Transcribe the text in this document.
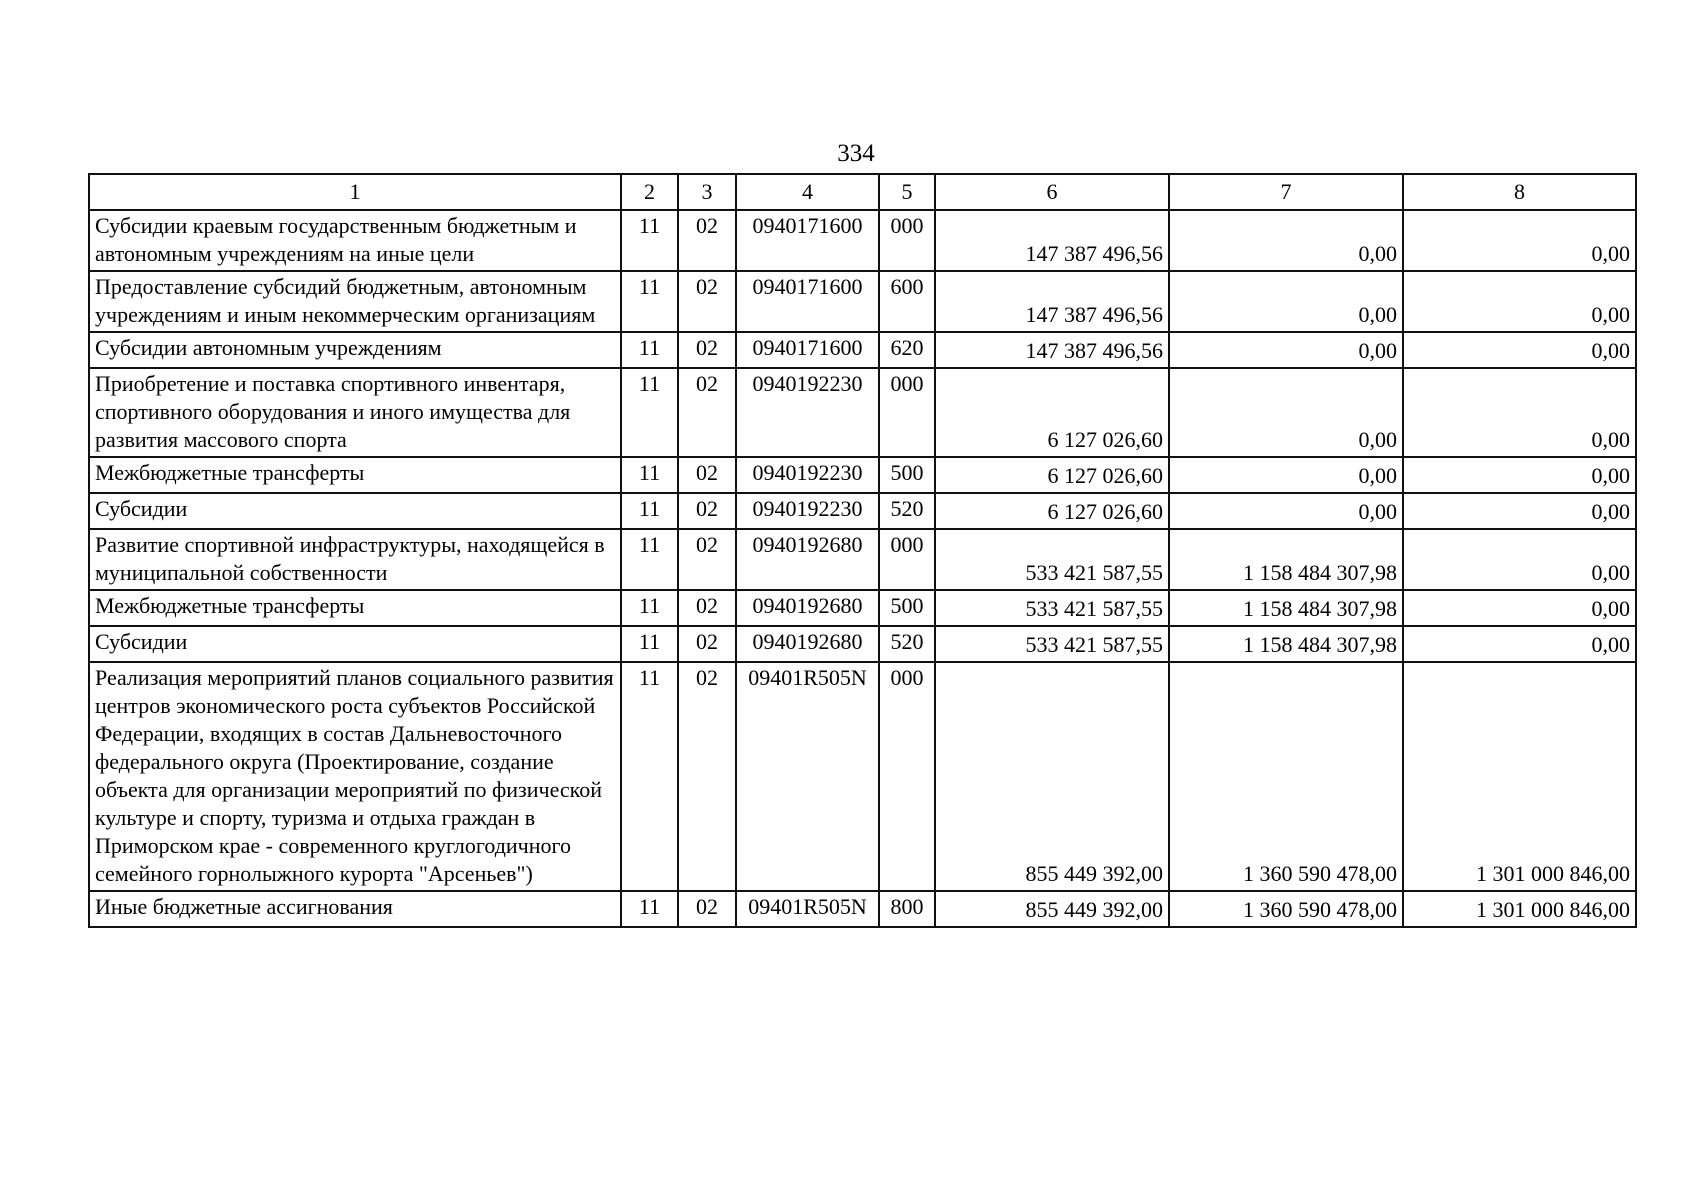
334
1	2	3	4	5	6	7	8
Субсидии краевым государственным бюджетным и автономным учреждениям на иные цели	11	02	0940171600	000	147 387 496,56	0,00	0,00
Предоставление субсидий бюджетным, автономным учреждениям и иным некоммерческим организациям	11	02	0940171600	600	147 387 496,56	0,00	0,00
Субсидии автономным учреждениям	11	02	0940171600	620	147 387 496,56	0,00	0,00
Приобретение и поставка спортивного инвентаря, спортивного оборудования и иного имущества для развития массового спорта	11	02	0940192230	000	6 127 026,60	0,00	0,00
Межбюджетные трансферты	11	02	0940192230	500	6 127 026,60	0,00	0,00
Субсидии	11	02	0940192230	520	6 127 026,60	0,00	0,00
Развитие спортивной инфраструктуры, находящейся в муниципальной собственности	11	02	0940192680	000	533 421 587,55	1 158 484 307,98	0,00
Межбюджетные трансферты	11	02	0940192680	500	533 421 587,55	1 158 484 307,98	0,00
Субсидии	11	02	0940192680	520	533 421 587,55	1 158 484 307,98	0,00
Реализация мероприятий планов социального развития центров экономического роста субъектов Российской Федерации, входящих в состав Дальневосточного федерального округа (Проектирование, создание объекта для организации мероприятий по физической культуре и спорту, туризма и отдыха граждан в Приморском крае - современного круглогодичного семейного горнолыжного курорта "Арсеньев")	11	02	09401R505N	000	855 449 392,00	1 360 590 478,00	1 301 000 846,00
Иные бюджетные ассигнования	11	02	09401R505N	800	855 449 392,00	1 360 590 478,00	1 301 000 846,00
